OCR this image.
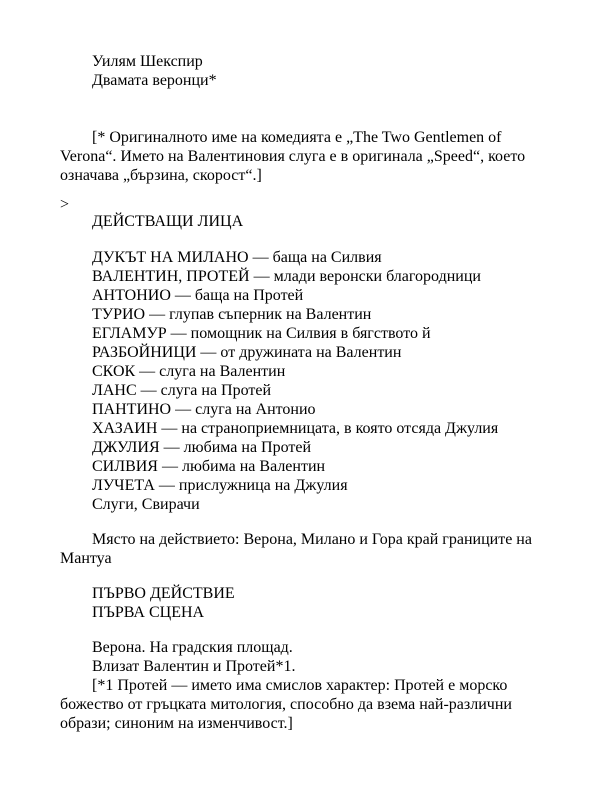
Уилям Шекспир
Двамата веронци*
[* Оригиналното име на комедията е „The Two Gentlemen of
Verona“. Името на Валентиновия слуга е в оригинала „Speed“, което
означава „бързина, скорост“.]
>
ДЕЙСТВАЩИ ЛИЦА
ДУКЪТ НА МИЛАНО — баща на Силвия
ВАЛЕНТИН, ПРОТЕЙ — млади веронски благородници
АНТОНИО — баща на Протей
ТУРИО — глупав съперник на Валентин
ЕГЛАМУР — помощник на Силвия в бягството й
РАЗБОЙНИЦИ — от дружината на Валентин
СКОК — слуга на Валентин
ЛАНС — слуга на Протей
ПАНТИНО — слуга на Антонио
ХАЗАИН — на страноприемницата, в която отсяда Джулия
ДЖУЛИЯ — любима на Протей
СИЛВИЯ — любима на Валентин
ЛУЧЕТА — прислужница на Джулия
Слуги, Свирачи
Място на действието: Верона, Милано и Гора край границите на
Мантуа
ПЪРВО ДЕЙСТВИЕ
ПЪРВА СЦЕНА
Верона. На градския площад.
Влизат Валентин и Протей*1.
[*1 Протей — името има смислов характер: Протей е морско
божество от гръцката митология, способно да взема най-различни
образи; синоним на изменчивост.]
